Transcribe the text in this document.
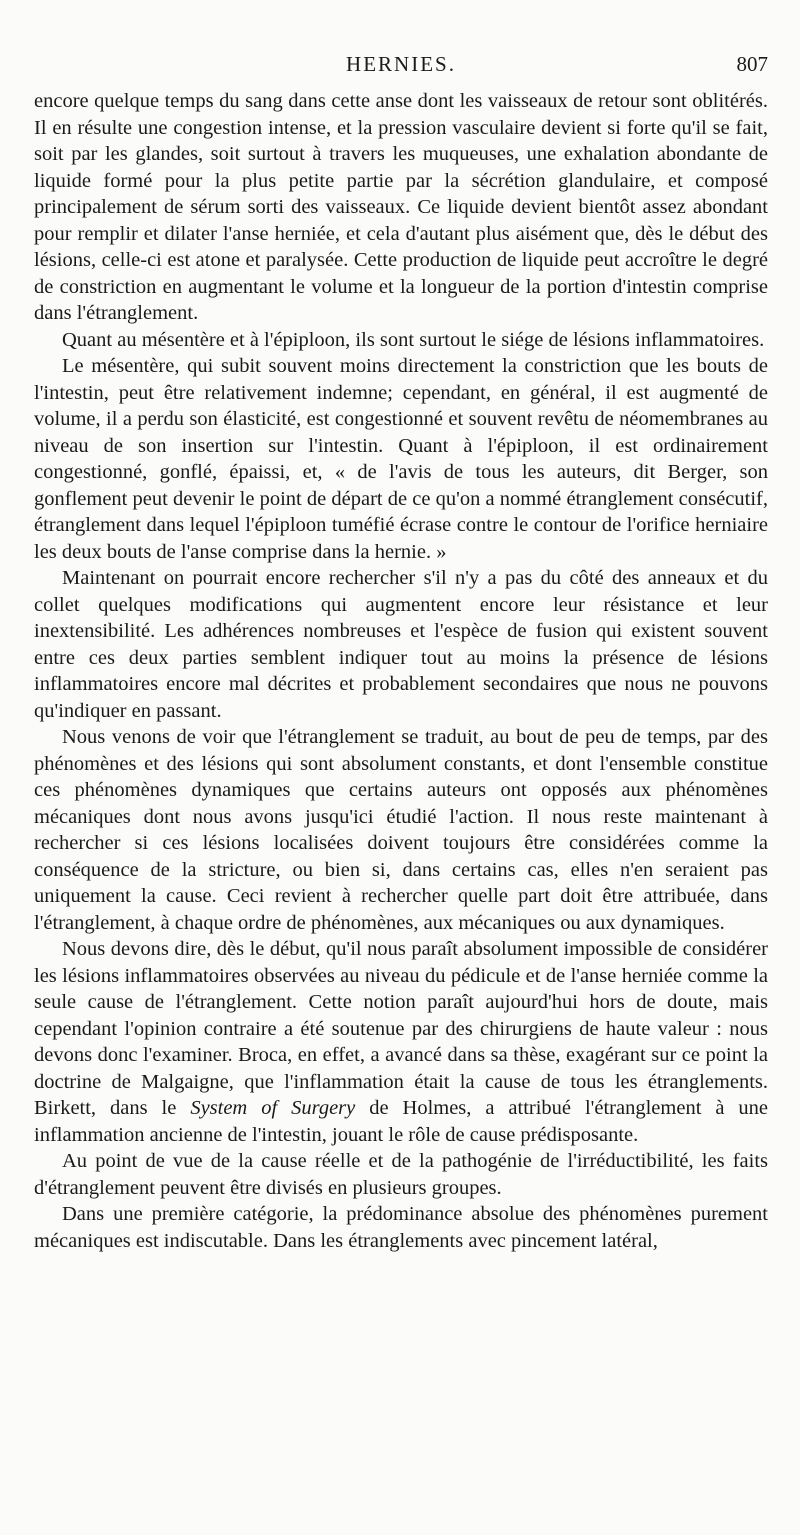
HERNIES.	807

encore quelque temps du sang dans cette anse dont les vaisseaux de retour sont oblitérés. Il en résulte une congestion intense, et la pression vasculaire devient si forte qu'il se fait, soit par les glandes, soit surtout à travers les muqueuses, une exhalation abondante de liquide formé pour la plus petite partie par la sécrétion glandulaire, et composé principalement de sérum sorti des vaisseaux. Ce liquide devient bientôt assez abondant pour remplir et dilater l'anse herniée, et cela d'autant plus aisément que, dès le début des lésions, celle-ci est atone et paralysée. Cette production de liquide peut accroître le degré de constriction en augmentant le volume et la longueur de la portion d'intestin comprise dans l'étranglement.

Quant au mésentère et à l'épiploon, ils sont surtout le siége de lésions inflammatoires.

Le mésentère, qui subit souvent moins directement la constriction que les bouts de l'intestin, peut être relativement indemne; cependant, en général, il est augmenté de volume, il a perdu son élasticité, est congestionné et souvent revêtu de néomembranes au niveau de son insertion sur l'intestin. Quant à l'épiploon, il est ordinairement congestionné, gonflé, épaissi, et, « de l'avis de tous les auteurs, dit Berger, son gonflement peut devenir le point de départ de ce qu'on a nommé étranglement consécutif, étranglement dans lequel l'épiploon tuméfié écrase contre le contour de l'orifice herniaire les deux bouts de l'anse comprise dans la hernie. »

Maintenant on pourrait encore rechercher s'il n'y a pas du côté des anneaux et du collet quelques modifications qui augmentent encore leur résistance et leur inextensibilité. Les adhérences nombreuses et l'espèce de fusion qui existent souvent entre ces deux parties semblent indiquer tout au moins la présence de lésions inflammatoires encore mal décrites et probablement secondaires que nous ne pouvons qu'indiquer en passant.

Nous venons de voir que l'étranglement se traduit, au bout de peu de temps, par des phénomènes et des lésions qui sont absolument constants, et dont l'ensemble constitue ces phénomènes dynamiques que certains auteurs ont opposés aux phénomènes mécaniques dont nous avons jusqu'ici étudié l'action. Il nous reste maintenant à rechercher si ces lésions localisées doivent toujours être considérées comme la conséquence de la stricture, ou bien si, dans certains cas, elles n'en seraient pas uniquement la cause. Ceci revient à rechercher quelle part doit être attribuée, dans l'étranglement, à chaque ordre de phénomènes, aux mécaniques ou aux dynamiques.

Nous devons dire, dès le début, qu'il nous paraît absolument impossible de considérer les lésions inflammatoires observées au niveau du pédicule et de l'anse herniée comme la seule cause de l'étranglement. Cette notion paraît aujourd'hui hors de doute, mais cependant l'opinion contraire a été soutenue par des chirurgiens de haute valeur : nous devons donc l'examiner. Broca, en effet, a avancé dans sa thèse, exagérant sur ce point la doctrine de Malgaigne, que l'inflammation était la cause de tous les étranglements. Birkett, dans le System of Surgery de Holmes, a attribué l'étranglement à une inflammation ancienne de l'intestin, jouant le rôle de cause prédisposante.

Au point de vue de la cause réelle et de la pathogénie de l'irréductibilité, les faits d'étranglement peuvent être divisés en plusieurs groupes.

Dans une première catégorie, la prédominance absolue des phénomènes purement mécaniques est indiscutable. Dans les étranglements avec pincement latéral,
